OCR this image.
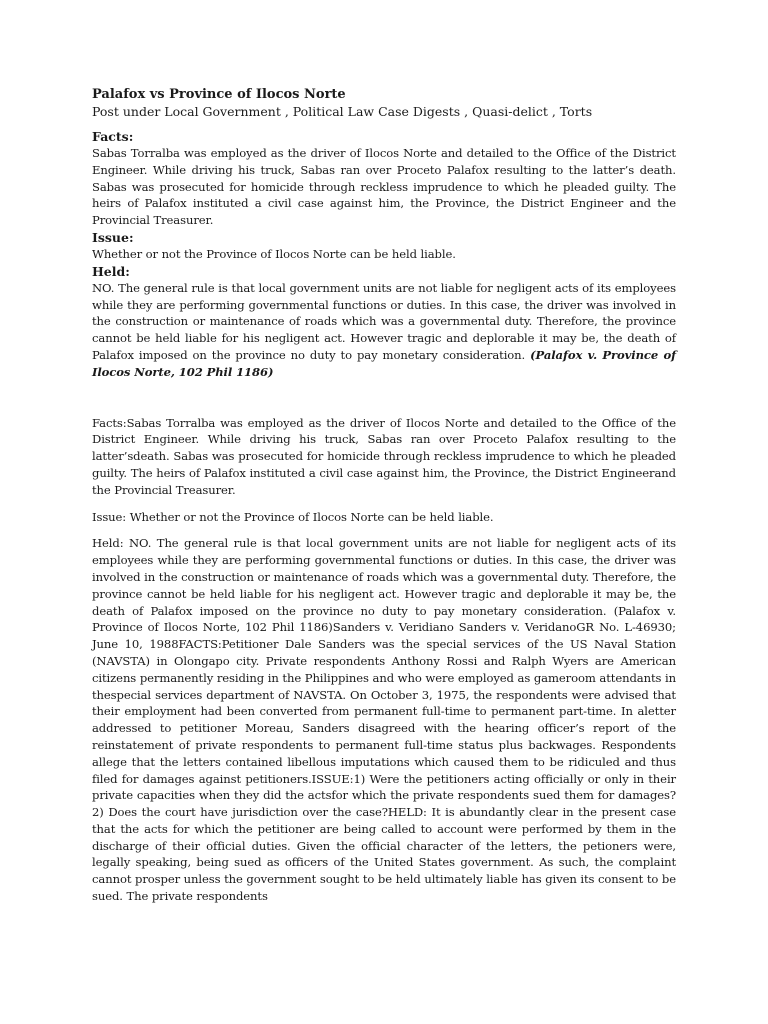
Palafox vs Province of Ilocos Norte

Post under Local Government , Political Law Case Digests , Quasi-delict , Torts

Facts:

Sabas Torralba was employed as the driver of Ilocos Norte and detailed to the Office of the District Engineer. While driving his truck, Sabas ran over Proceto Palafox resulting to the latter’s death. Sabas was prosecuted for homicide through reckless imprudence to which he pleaded guilty. The heirs of Palafox instituted a civil case against him, the Province, the District Engineer and the Provincial Treasurer.

Issue:

Whether or not the Province of Ilocos Norte can be held liable.

Held:

NO. The general rule is that local government units are not liable for negligent acts of its employees while they are performing governmental functions or duties. In this case, the driver was involved in the construction or maintenance of roads which was a governmental duty. Therefore, the province cannot be held liable for his negligent act. However tragic and deplorable it may be, the death of Palafox imposed on the province no duty to pay monetary consideration. (Palafox v. Province of Ilocos Norte, 102 Phil 1186)

Facts:Sabas Torralba was employed as the driver of Ilocos Norte and detailed to the Office of the District Engineer. While driving his truck, Sabas ran over Proceto Palafox resulting to the latter’sdeath. Sabas was prosecuted for homicide through reckless imprudence to which he pleaded guilty. The heirs of Palafox instituted a civil case against him, the Province, the District Engineerand the Provincial Treasurer.

Issue: Whether or not the Province of Ilocos Norte can be held liable.

Held: NO. The general rule is that local government units are not liable for negligent acts of its employees while they are performing governmental functions or duties. In this case, the driver was involved in the construction or maintenance of roads which was a governmental duty. Therefore, the province cannot be held liable for his negligent act. However tragic and deplorable it may be, the death of Palafox imposed on the province no duty to pay monetary consideration. (Palafox v. Province of Ilocos Norte, 102 Phil 1186)Sanders v. Veridiano Sanders v. VeridanoGR No. L-46930; June 10, 1988FACTS:Petitioner Dale Sanders was the special services of the US Naval Station (NAVSTA) in Olongapo city. Private respondents Anthony Rossi and Ralph Wyers are American citizens permanently residing in the Philippines and who were employed as gameroom attendants in thespecial services department of NAVSTA. On October 3, 1975, the respondents were advised that their employment had been converted from permanent full-time to permanent part-time. In aletter addressed to petitioner Moreau, Sanders disagreed with the hearing officer’s report of the reinstatement of private respondents to permanent full-time status plus backwages. Respondents allege that the letters contained libellous imputations which caused them to be ridiculed and thus filed for damages against petitioners.ISSUE:1) Were the petitioners acting officially or only in their private capacities when they did the actsfor which the private respondents sued them for damages?2) Does the court have jurisdiction over the case?HELD: It is abundantly clear in the present case that the acts for which the petitioner are being called to account were performed by them in the discharge of their official duties. Given the official character of the letters, the petioners were, legally speaking, being sued as officers of the United States government. As such, the complaint cannot prosper unless the government sought to be held ultimately liable has given its consent to be sued. The private respondents
